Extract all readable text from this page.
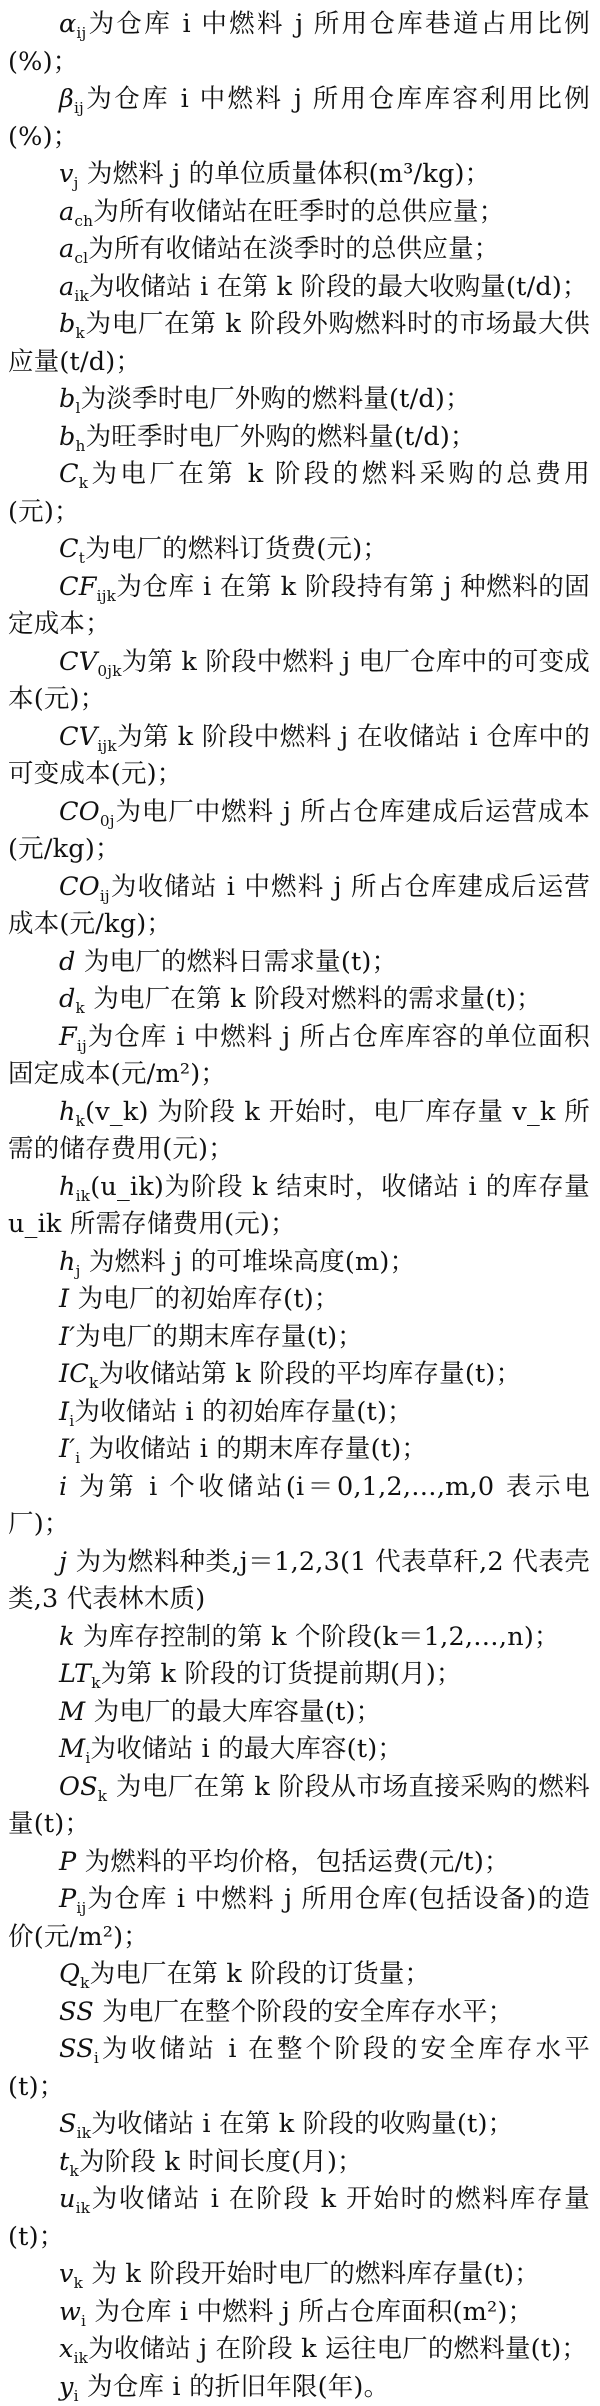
$\alpha_{ij}$为仓库 i 中燃料 j 所用仓库巷道占用比例(%)；

$\beta_{ij}$为仓库 i 中燃料 j 所用仓库库容利用比例(%)；

$v_j$ 为燃料 j 的单位质量体积(m³/kg)；

$a_{ch}$为所有收储站在旺季时的总供应量；

$a_{cl}$为所有收储站在淡季时的总供应量；

$a_{ik}$为收储站 i 在第 k 阶段的最大收购量(t/d)；

$b_k$为电厂在第 k 阶段外购燃料时的市场最大供应量(t/d)；

$b_l$为淡季时电厂外购的燃料量(t/d)；

$b_h$为旺季时电厂外购的燃料量(t/d)；

$C_k$为电厂在第 k 阶段的燃料采购的总费用(元)；

$C_t$为电厂的燃料订货费(元)；

$CF_{ijk}$为仓库 i 在第 k 阶段持有第 j 种燃料的固定成本；

$CV_{0jk}$为第 k 阶段中燃料 j 电厂仓库中的可变成本(元)；

$CV_{ijk}$为第 k 阶段中燃料 j 在收储站 i 仓库中的可变成本(元)；

$CO_{0j}$为电厂中燃料 j 所占仓库建成后运营成本(元/kg)；

$CO_{ij}$为收储站 i 中燃料 j 所占仓库建成后运营成本(元/kg)；

d 为电厂的燃料日需求量(t)；

$d_k$ 为电厂在第 k 阶段对燃料的需求量(t)；

$F_{ij}$为仓库 i 中燃料 j 所占仓库库容的单位面积固定成本(元/m²)；

$h_k(v\_k)$ 为阶段 k 开始时，电厂库存量 v_k 所需的储存费用(元)；

$h_{ik}(u\_ik)$为阶段 k 结束时，收储站 i 的库存量 u_ik 所需存储费用(元)；

$h_j$ 为燃料 j 的可堆垛高度(m)；

I 为电厂的初始库存(t)；

I′为电厂的期末库存量(t)；

$IC_k$为收储站第 k 阶段的平均库存量(t)；

$I_i$为收储站 i 的初始库存量(t)；

$I'_i$ 为收储站 i 的期末库存量(t)；

i 为第 i 个收储站(i＝0,1,2,…,m,0 表示电厂)；

j 为为燃料种类,j＝1,2,3(1 代表草秆,2 代表壳类,3 代表林木质)

k 为库存控制的第 k 个阶段(k＝1,2,…,n)；

$LT_k$为第 k 阶段的订货提前期(月)；

M 为电厂的最大库容量(t)；

$M_i$为收储站 i 的最大库容(t)；

$OS_k$ 为电厂在第 k 阶段从市场直接采购的燃料量(t)；

P 为燃料的平均价格，包括运费(元/t)；

$P_{ij}$为仓库 i 中燃料 j 所用仓库(包括设备)的造价(元/m²)；

$Q_k$为电厂在第 k 阶段的订货量；

SS 为电厂在整个阶段的安全库存水平；

$SS_i$为收储站 i 在整个阶段的安全库存水平(t)；

$S_{ik}$为收储站 i 在第 k 阶段的收购量(t)；

$t_k$为阶段 k 时间长度(月)；

$u_{ik}$为收储站 i 在阶段 k 开始时的燃料库存量(t)；

$v_k$ 为 k 阶段开始时电厂的燃料库存量(t)；

$w_i$ 为仓库 i 中燃料 j 所占仓库面积(m²)；

$x_{ik}$为收储站 j 在阶段 k 运往电厂的燃料量(t)；

$y_i$ 为仓库 i 的折旧年限(年)。
